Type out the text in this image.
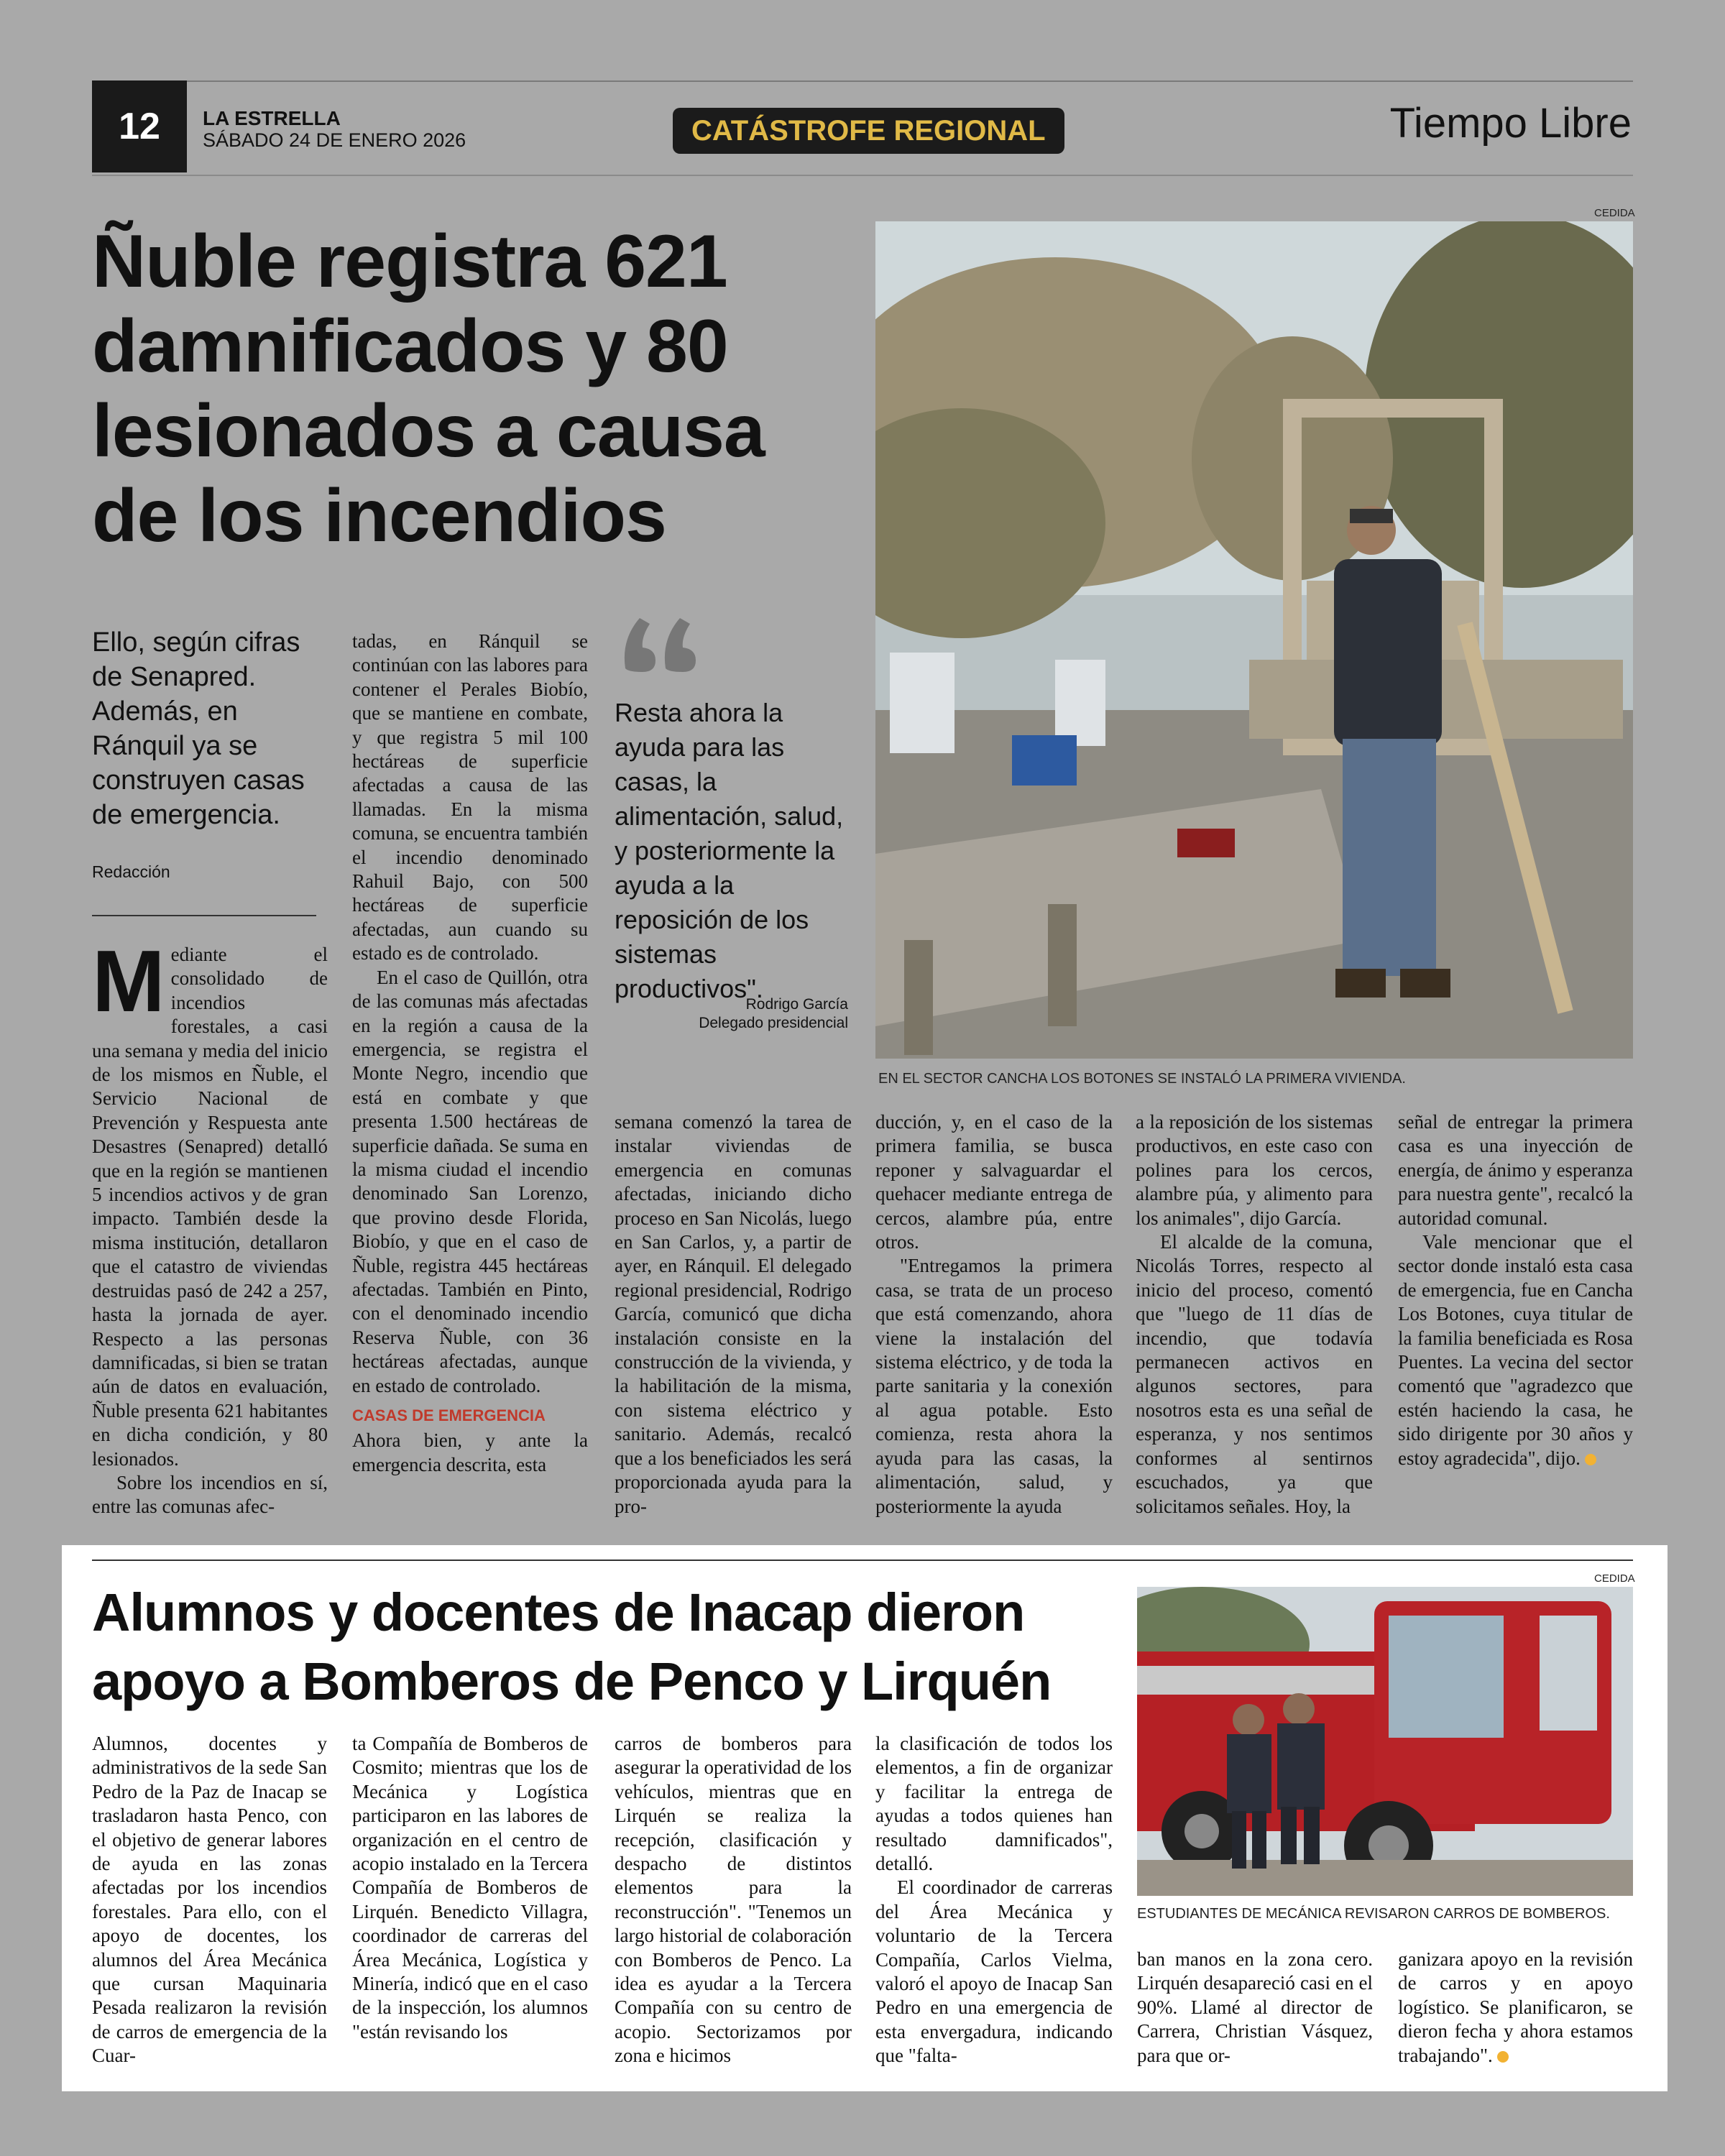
12	LA ESTRELLA
SÁBADO 24 DE ENERO 2026	CATÁSTROFE REGIONAL	Tiempo Libre
Ñuble registra 621 damnificados y 80 lesionados a causa de los incendios
Ello, según cifras de Senapred. Además, en Ránquil ya se construyen casas de emergencia.
Redacción

Mediante el consolidado de incendios forestales, a casi una semana y media del inicio de los mismos en Ñuble, el Servicio Nacional de Prevención y Respuesta ante Desastres (Senapred) detalló que en la región se mantienen 5 incendios activos y de gran impacto. También desde la misma institución, detallaron que el catastro de viviendas destruidas pasó de 242 a 257, hasta la jornada de ayer. Respecto a las personas damnificadas, si bien se tratan aún de datos en evaluación, Ñuble presenta 621 habitantes en dicha condición, y 80 lesionados.

Sobre los incendios en sí, entre las comunas afec-

tadas, en Ránquil se continúan con las labores para contener el Perales Biobío, que se mantiene en combate, y que registra 5 mil 100 hectáreas de superficie afectadas a causa de las llamadas. En la misma comuna, se encuentra también el incendio denominado Rahuil Bajo, con 500 hectáreas de superficie afectadas, aun cuando su estado es de controlado.

En el caso de Quillón, otra de las comunas más afectadas en la región a causa de la emergencia, se registra el Monte Negro, incendio que está en combate y que presenta 1.500 hectáreas de superficie dañada. Se suma en la misma ciudad el incendio denominado San Lorenzo, que provino desde Florida, Biobío, y que en el caso de Ñuble, registra 445 hectáreas afectadas. También en Pinto, con el denominado incendio Reserva Ñuble, con 36 hectáreas afectadas, aunque en estado de controlado.

CASAS DE EMERGENCIA

Ahora bien, y ante la emergencia descrita, esta

Resta ahora la ayuda para las casas, la alimentación, salud, y posteriormente la ayuda a la reposición de los sistemas productivos".
Rodrigo García
Delegado presidencial
CEDIDA
EN EL SECTOR CANCHA LOS BOTONES SE INSTALÓ LA PRIMERA VIVIENDA.

semana comenzó la tarea de instalar viviendas de emergencia en comunas afectadas, iniciando dicho proceso en San Nicolás, luego en San Carlos, y, a partir de ayer, en Ránquil. El delegado regional presidencial, Rodrigo García, comunicó que dicha instalación consiste en la construcción de la vivienda, y la habilitación de la misma, con sistema eléctrico y sanitario. Además, recalcó que a los beneficiados les será proporcionada ayuda para la pro-

ducción, y, en el caso de la primera familia, se busca reponer y salvaguardar el quehacer mediante entrega de cercos, alambre púa, entre otros.

"Entregamos la primera casa, se trata de un proceso que está comenzando, ahora viene la instalación del sistema eléctrico, y de toda la parte sanitaria y la conexión al agua potable. Esto comienza, resta ahora la ayuda para las casas, la alimentación, salud, y posteriormente la ayuda

a la reposición de los sistemas productivos, en este caso con polines para los cercos, alambre púa, y alimento para los animales", dijo García.

El alcalde de la comuna, Nicolás Torres, respecto al inicio del proceso, comentó que "luego de 11 días de incendio, que todavía permanecen activos en algunos sectores, para nosotros esta es una señal de esperanza, y nos sentimos conformes al sentirnos escuchados, ya que solicitamos señales. Hoy, la

señal de entregar la primera casa es una inyección de energía, de ánimo y esperanza para nuestra gente", recalcó la autoridad comunal.

Vale mencionar que el sector donde instaló esta casa de emergencia, fue en Cancha Los Botones, cuya titular de la familia beneficiada es Rosa Puentes. La vecina del sector comentó que "agradezco que estén haciendo la casa, he sido dirigente por 30 años y estoy agradecida", dijo.

Alumnos y docentes de Inacap dieron apoyo a Bomberos de Penco y Lirquén
CEDIDA
ESTUDIANTES DE MECÁNICA REVISARON CARROS DE BOMBEROS.

Alumnos, docentes y administrativos de la sede San Pedro de la Paz de Inacap se trasladaron hasta Penco, con el objetivo de generar labores de ayuda en las zonas afectadas por los incendios forestales. Para ello, con el apoyo de docentes, los alumnos del Área Mecánica que cursan Maquinaria Pesada realizaron la revisión de carros de emergencia de la Cuar-

ta Compañía de Bomberos de Cosmito; mientras que los de Mecánica y Logística participaron en las labores de organización en el centro de acopio instalado en la Tercera Compañía de Bomberos de Lirquén. Benedicto Villagra, coordinador de carreras del Área Mecánica, Logística y Minería, indicó que en el caso de la inspección, los alumnos "están revisando los

carros de bomberos para asegurar la operatividad de los vehículos, mientras que en Lirquén se realiza la recepción, clasificación y despacho de distintos elementos para la reconstrucción". "Tenemos un largo historial de colaboración con Bomberos de Penco. La idea es ayudar a la Tercera Compañía con su centro de acopio. Sectorizamos por zona e hicimos

la clasificación de todos los elementos, a fin de organizar y facilitar la entrega de ayudas a todos quienes han resultado damnificados", detalló.

El coordinador de carreras del Área Mecánica y voluntario de la Tercera Compañía, Carlos Vielma, valoró el apoyo de Inacap San Pedro en una emergencia de esta envergadura, indicando que "falta-

ban manos en la zona cero. Lirquén desapareció casi en el 90%. Llamé al director de Carrera, Christian Vásquez, para que or-

ganizara apoyo en la revisión de carros y en apoyo logístico. Se planificaron, se dieron fecha y ahora estamos trabajando".
